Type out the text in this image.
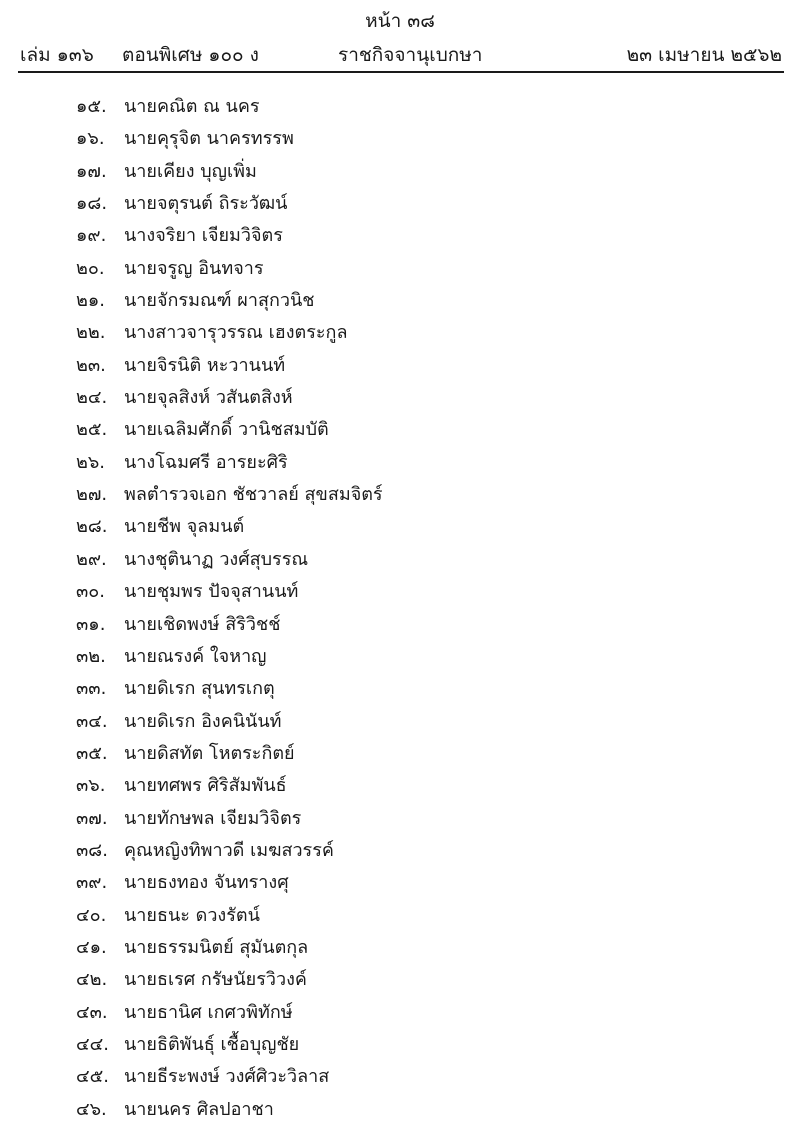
หน้า ๓๘
เล่ม ๑๓๖ ตอนพิเศษ ๑๐๐ ง	ราชกิจจานุเบกษา	๒๓ เมษายน ๒๕๖๒
๑๕. นายคณิต ณ นคร
๑๖. นายคุรุจิต นาครทรรพ
๑๗. นายเคียง บุญเพิ่ม
๑๘. นายจตุรนต์ ถิระวัฒน์
๑๙. นางจริยา เจียมวิจิตร
๒๐. นายจรูญ อินทจาร
๒๑. นายจักรมณฑ์ ผาสุกวนิช
๒๒. นางสาวจารุวรรณ เฮงตระกูล
๒๓. นายจิรนิติ หะวานนท์
๒๔. นายจุลสิงห์ วสันตสิงห์
๒๕. นายเฉลิมศักดิ์ วานิชสมบัติ
๒๖. นางโฉมศรี อารยะศิริ
๒๗. พลตำรวจเอก ชัชวาลย์ สุขสมจิตร์
๒๘. นายชีพ จุลมนต์
๒๙. นางชุตินาฏ วงศ์สุบรรณ
๓๐. นายชุมพร ปัจจุสานนท์
๓๑. นายเชิดพงษ์ สิริวิชช์
๓๒. นายณรงค์ ใจหาญ
๓๓. นายดิเรก สุนทรเกตุ
๓๔. นายดิเรก อิงคนินันท์
๓๕. นายดิสทัต โหตระกิตย์
๓๖. นายทศพร ศิริสัมพันธ์
๓๗. นายทักษพล เจียมวิจิตร
๓๘. คุณหญิงทิพาวดี เมฆสวรรค์
๓๙. นายธงทอง จันทรางศุ
๔๐. นายธนะ ดวงรัตน์
๔๑. นายธรรมนิตย์ สุมันตกุล
๔๒. นายธเรศ กรัษนัยรวิวงค์
๔๓. นายธานิศ เกศวพิทักษ์
๔๔. นายธิติพันธุ์ เชื้อบุญชัย
๔๕. นายธีระพงษ์ วงศ์ศิวะวิลาส
๔๖. นายนคร ศิลปอาชา
